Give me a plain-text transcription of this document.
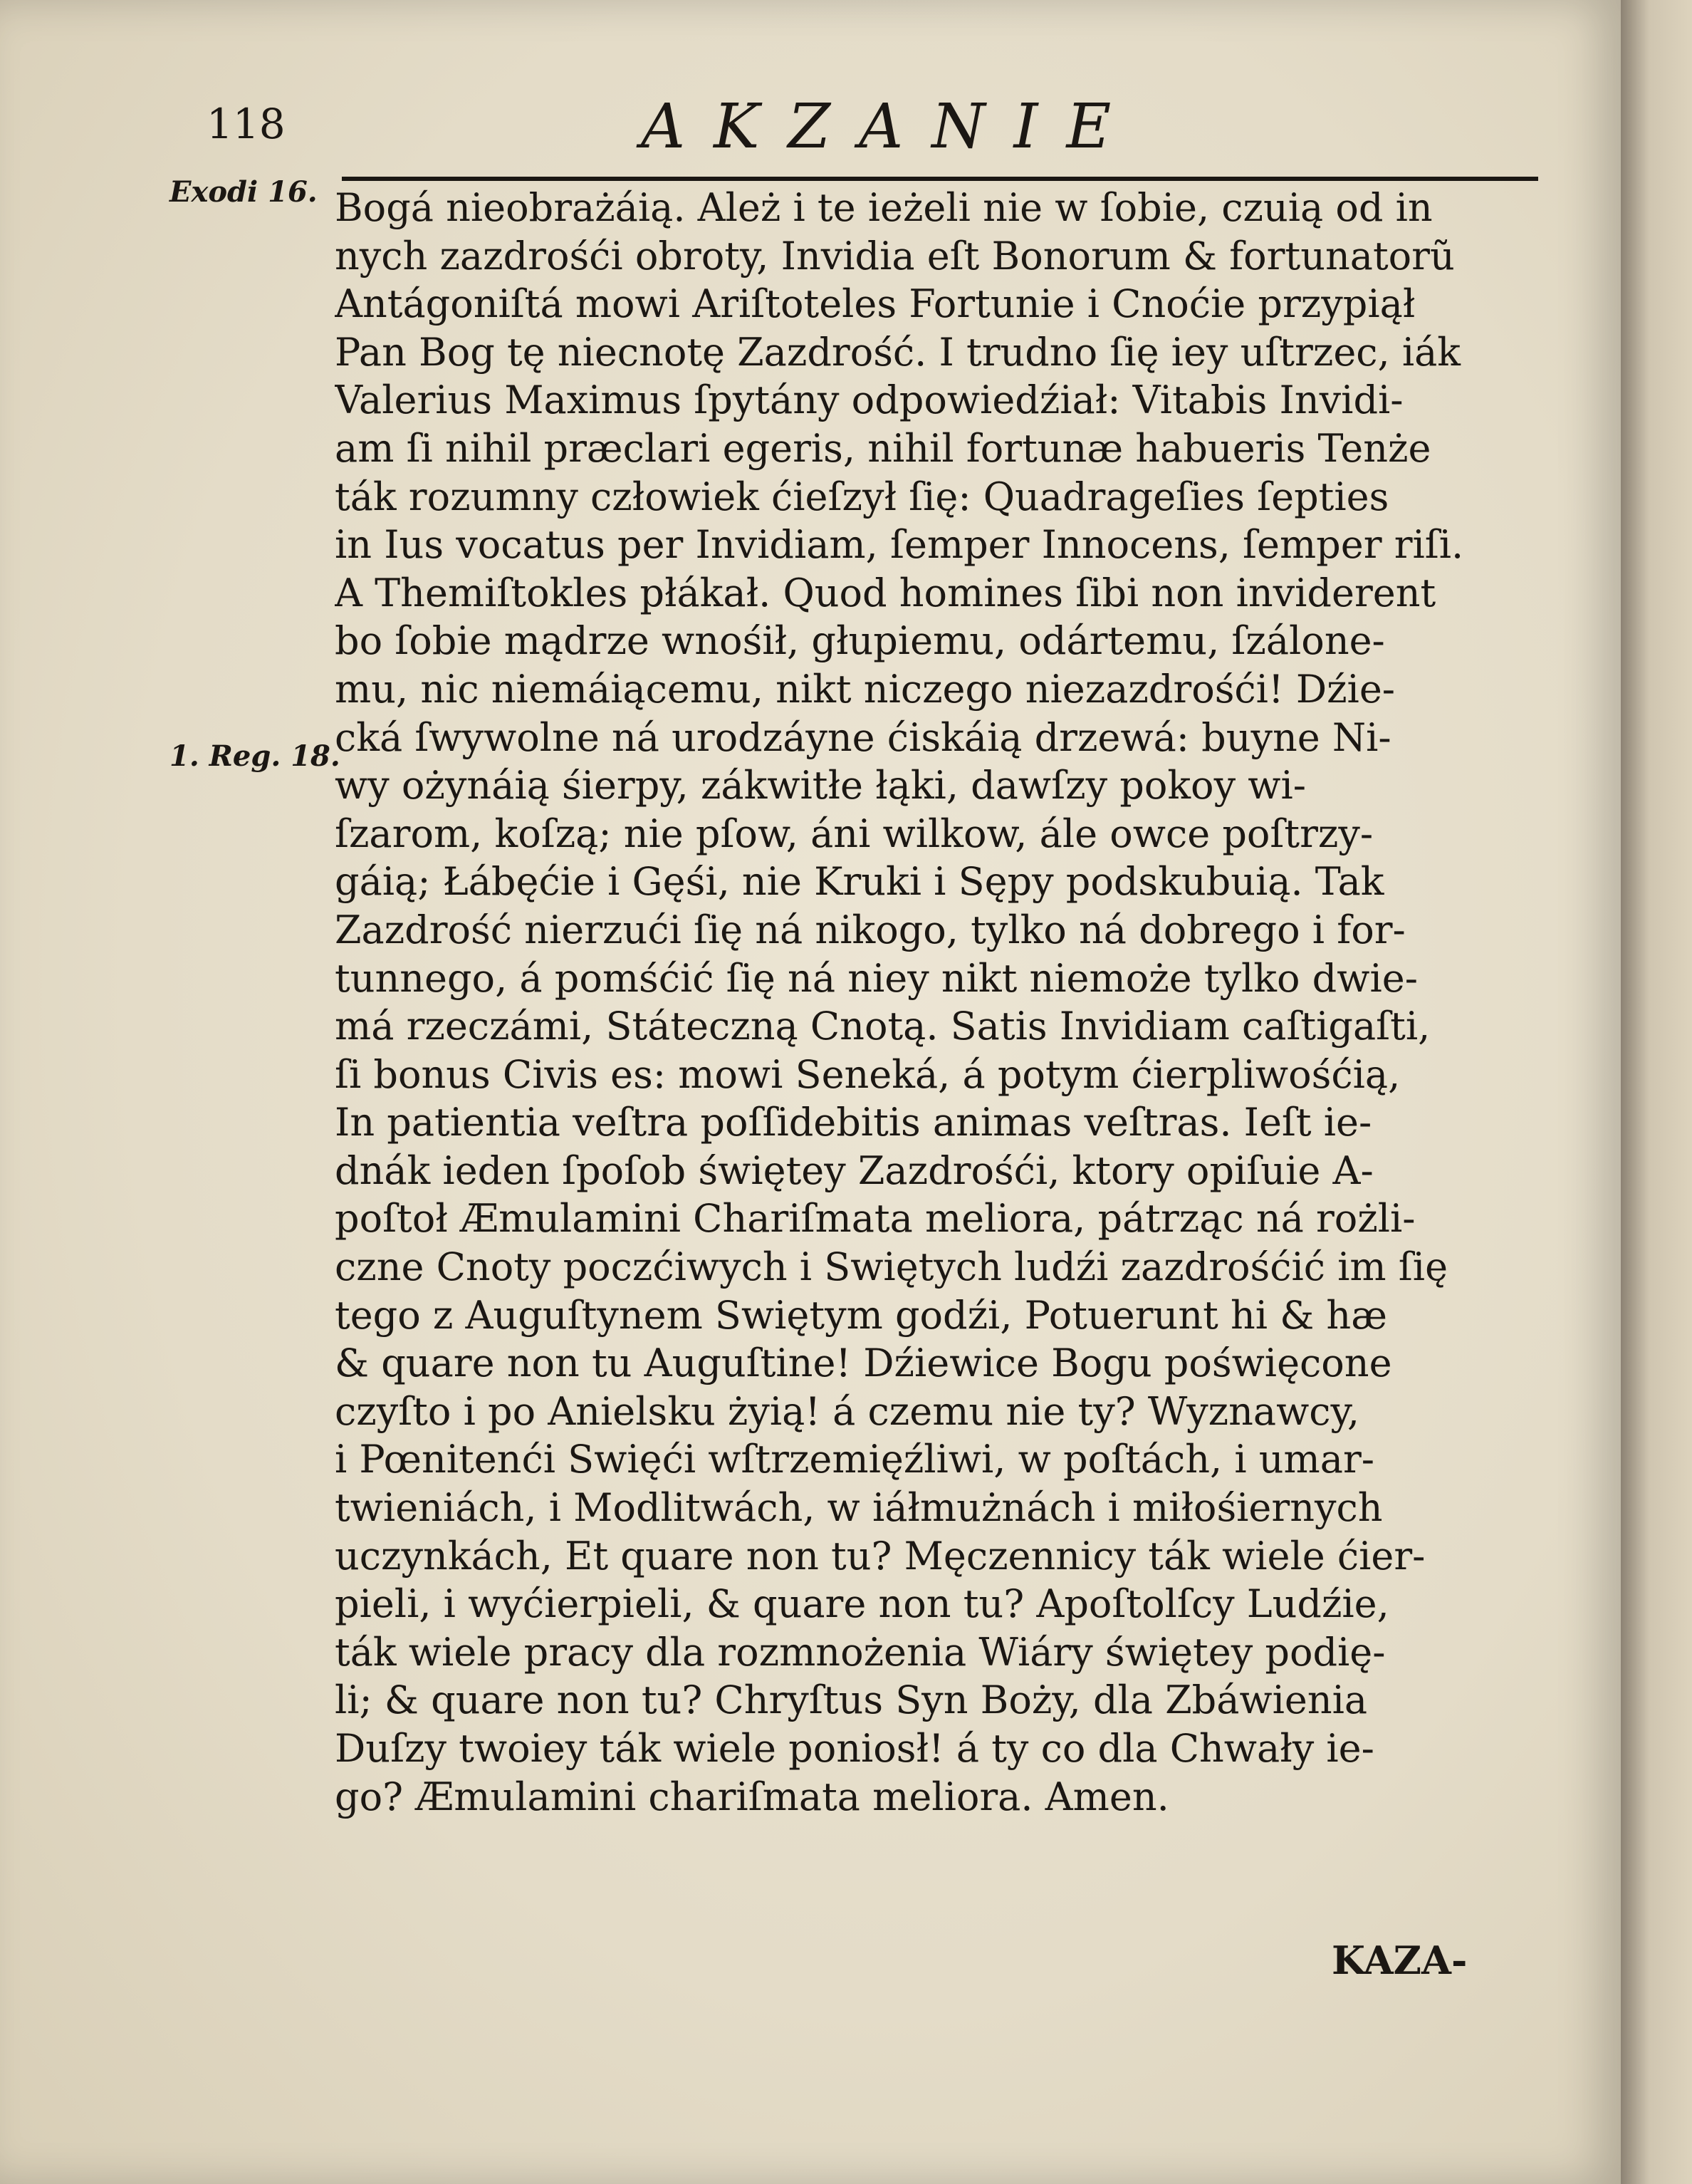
118	AKZANIE
Exodi 16.
1. Reg. 18.
Bogá nieobrażáią. Ależ i te ieżeli nie w ſobie, czuią od in
nych zazdrośći obroty, Invidia eſt Bonorum & fortunatorũ
Antágoniſtá mowi Ariſtoteles Fortunie i Cnoćie przypiął
Pan Bog tę niecnotę Zazdrość. I trudno ſię iey uſtrzec, iák
Valerius Maximus ſpytány odpowiedźiał: Vitabis Invidi-
am ſi nihil præclari egeris, nihil fortunæ habueris Tenże
ták rozumny człowiek ćieſzył ſię: Quadrageſies ſepties
in Ius vocatus per Invidiam, ſemper Innocens, ſemper riſi.
A Themiſtokles płákał. Quod homines ſibi non inviderent
bo ſobie mądrze wnośił, głupiemu, odártemu, ſzálone-
mu, nic niemáiącemu, nikt niczego niezazdrośći! Dźie-
cká ſwywolne ná urodzáyne ćiskáią drzewá: buyne Ni-
wy ożynáią śierpy, zákwitłe łąki, dawſzy pokoy wi-
ſzarom, koſzą; nie pſow, áni wilkow, ále owce poſtrzy-
gáią; Łábęćie i Gęśi, nie Kruki i Sępy podskubuią. Tak
Zazdrość nierzući ſię ná nikogo, tylko ná dobrego i for-
tunnego, á pomśćić ſię ná niey nikt niemoże tylko dwie-
má rzeczámi, Státeczną Cnotą. Satis Invidiam caſtigaſti,
ſi bonus Civis es: mowi Seneká, á potym ćierpliwośćią,
In patientia veſtra poſſidebitis animas veſtras. Ieſt ie-
dnák ieden ſpoſob świętey Zazdrośći, ktory opiſuie A-
poſtoł Æmulamini Chariſmata meliora, pátrząc ná rożli-
czne Cnoty poczćiwych i Swiętych ludźi zazdrośćić im ſię
tego z Auguſtynem Swiętym godźi, Potuerunt hi & hæ
& quare non tu Auguſtine! Dźiewice Bogu poświęcone
czyſto i po Anielsku żyią! á czemu nie ty? Wyznawcy,
i Pœnitenći Swięći wſtrzemięźliwi, w poſtách, i umar-
twieniách, i Modlitwách, w iáłmużnách i miłośiernych
uczynkách, Et quare non tu? Męczennicy ták wiele ćier-
pieli, i wyćierpieli, & quare non tu? Apoſtolſcy Ludźie,
ták wiele pracy dla rozmnożenia Wiáry świętey podię-
li; & quare non tu? Chryſtus Syn Boży, dla Zbáwienia
Duſzy twoiey ták wiele poniosł! á ty co dla Chwały ie-
go? Æmulamini chariſmata meliora. Amen.
KAZA-
